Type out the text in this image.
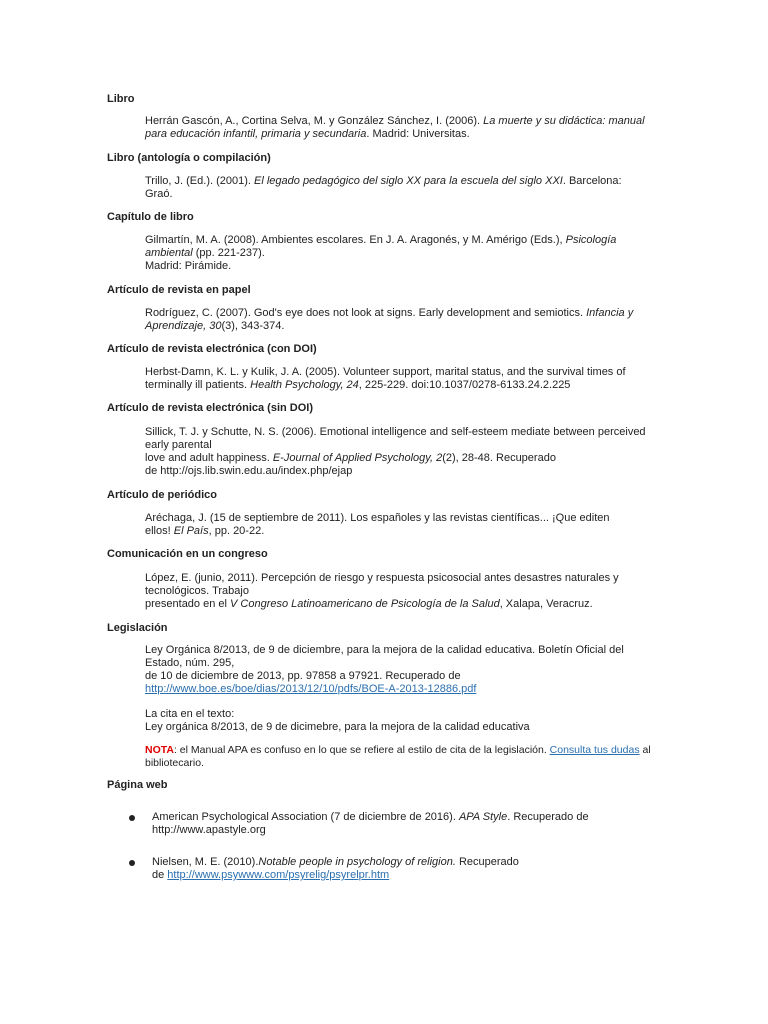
Libro
Herrán Gascón, A., Cortina Selva, M. y González Sánchez, I. (2006). La muerte y su didáctica: manual
para educación infantil, primaria y secundaria. Madrid: Universitas.
Libro (antología o compilación)
Trillo, J. (Ed.). (2001). El legado pedagógico del siglo XX para la escuela del siglo XXI. Barcelona:
Graó.
Capítulo de libro
Gilmartín, M. A. (2008). Ambientes escolares. En J. A. Aragonés, y M. Amérigo (Eds.), Psicología
ambiental (pp. 221-237).
Madrid: Pirámide.
Artículo de revista en papel
Rodríguez, C. (2007). God's eye does not look at signs. Early development and semiotics. Infancia y
Aprendizaje, 30(3), 343-374.
Artículo de revista electrónica (con DOI)
Herbst-Damn, K. L. y Kulik, J. A. (2005). Volunteer support, marital status, and the survival times of
terminally ill patients. Health Psychology, 24, 225-229. doi:10.1037/0278-6133.24.2.225
Artículo de revista electrónica (sin DOI)
Sillick, T. J. y Schutte, N. S. (2006). Emotional intelligence and self-esteem mediate between perceived
early parental
love and adult happiness. E-Journal of Applied Psychology, 2(2), 28-48. Recuperado
de http://ojs.lib.swin.edu.au/index.php/ejap
Artículo de periódico
Aréchaga, J. (15 de septiembre de 2011). Los españoles y las revistas científicas... ¡Que editen
ellos! El País, pp. 20-22.
Comunicación en un congreso
López, E. (junio, 2011). Percepción de riesgo y respuesta psicosocial antes desastres naturales y
tecnológicos. Trabajo
presentado en el V Congreso Latinoamericano de Psicología de la Salud, Xalapa, Veracruz.
Legislación
Ley Orgánica 8/2013, de 9 de diciembre, para la mejora de la calidad educativa. Boletín Oficial del
Estado, núm. 295,
de 10 de diciembre de 2013, pp. 97858 a 97921. Recuperado de
http://www.boe.es/boe/dias/2013/12/10/pdfs/BOE-A-2013-12886.pdf
La cita en el texto:
Ley orgánica 8/2013, de 9 de dicimebre, para la mejora de la calidad educativa
NOTA: el Manual APA es confuso en lo que se refiere al estilo de cita de la legislación. Consulta tus dudas al
bibliotecario.
Página web
American Psychological Association (7 de diciembre de 2016). APA Style. Recuperado de
http://www.apastyle.org
Nielsen, M. E. (2010).Notable people in psychology of religion. Recuperado
de http://www.psywww.com/psyrelig/psyrelpr.htm
